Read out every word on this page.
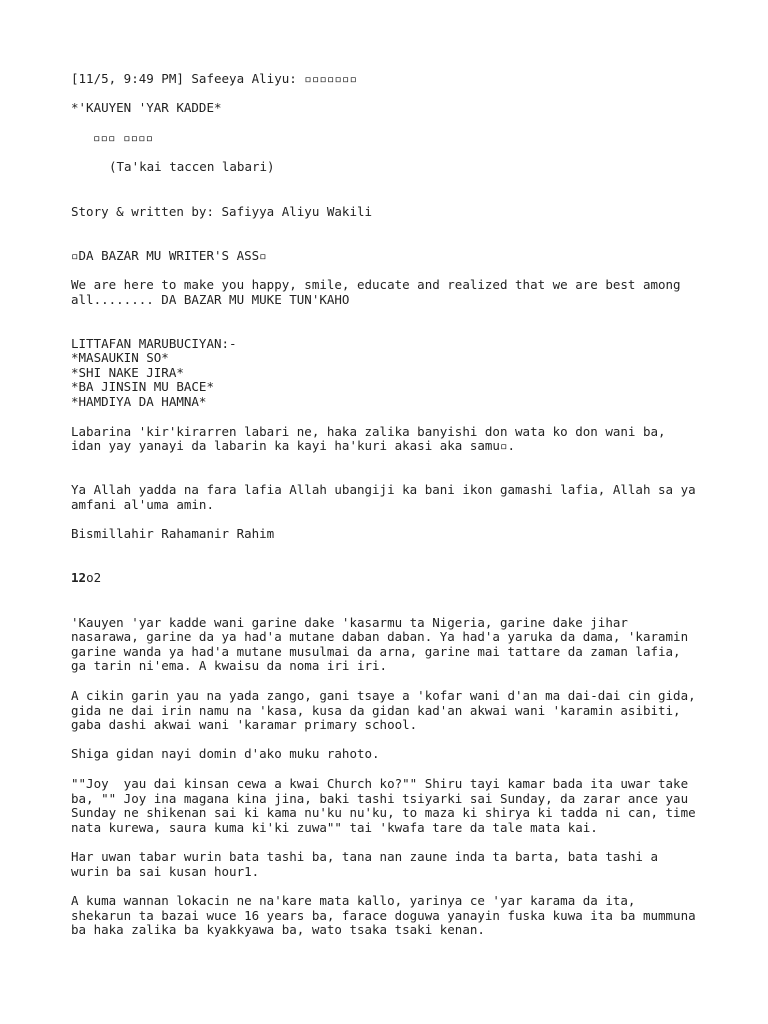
[11/5, 9:49 PM] Safeeya Aliyu: ▫▫▫▫▫▫▫
*'KAUYEN 'YAR KADDE*
▫▫▫ ▫▫▫▫
(Ta'kai taccen labari)
Story & written by: Safiyya Aliyu Wakili
▫DA BAZAR MU WRITER'S ASS▫
We are here to make you happy, smile, educate and realized that we are best among
all........ DA BAZAR MU MUKE TUN'KAHO
LITTAFAN MARUBUCIYAN:-
*MASAUKIN SO*
*SHI NAKE JIRA*
*BA JINSIN MU BACE*
*HAMDIYA DA HAMNA*
Labarina 'kir'kirarren labari ne, haka zalika banyishi don wata ko don wani ba,
idan yay yanayi da labarin ka kayi ha'kuri akasi aka samu▫.
Ya Allah yadda na fara lafia Allah ubangiji ka bani ikon gamashi lafia, Allah sa ya
amfani al'uma amin.
Bismillahir Rahamanir Rahim
12o2
'Kauyen 'yar kadde wani garine dake 'kasarmu ta Nigeria, garine dake jihar
nasarawa, garine da ya had'a mutane daban daban. Ya had'a yaruka da dama, 'karamin
garine wanda ya had'a mutane musulmai da arna, garine mai tattare da zaman lafia,
ga tarin ni'ema. A kwaisu da noma iri iri.
A cikin garin yau na yada zango, gani tsaye a 'kofar wani d'an ma dai-dai cin gida,
gida ne dai irin namu na 'kasa, kusa da gidan kad'an akwai wani 'karamin asibiti,
gaba dashi akwai wani 'karamar primary school.
Shiga gidan nayi domin d'ako muku rahoto.
""Joy  yau dai kinsan cewa a kwai Church ko?"" Shiru tayi kamar bada ita uwar take
ba, "" Joy ina magana kina jina, baki tashi tsiyarki sai Sunday, da zarar ance yau
Sunday ne shikenan sai ki kama nu'ku nu'ku, to maza ki shirya ki tadda ni can, time
nata kurewa, saura kuma ki'ki zuwa"" tai 'kwafa tare da tale mata kai.
Har uwan tabar wurin bata tashi ba, tana nan zaune inda ta barta, bata tashi a
wurin ba sai kusan hour1.
A kuma wannan lokacin ne na'kare mata kallo, yarinya ce 'yar karama da ita,
shekarun ta bazai wuce 16 years ba, farace doguwa yanayin fuska kuwa ita ba mummuna
ba haka zalika ba kyakkyawa ba, wato tsaka tsaki kenan.
